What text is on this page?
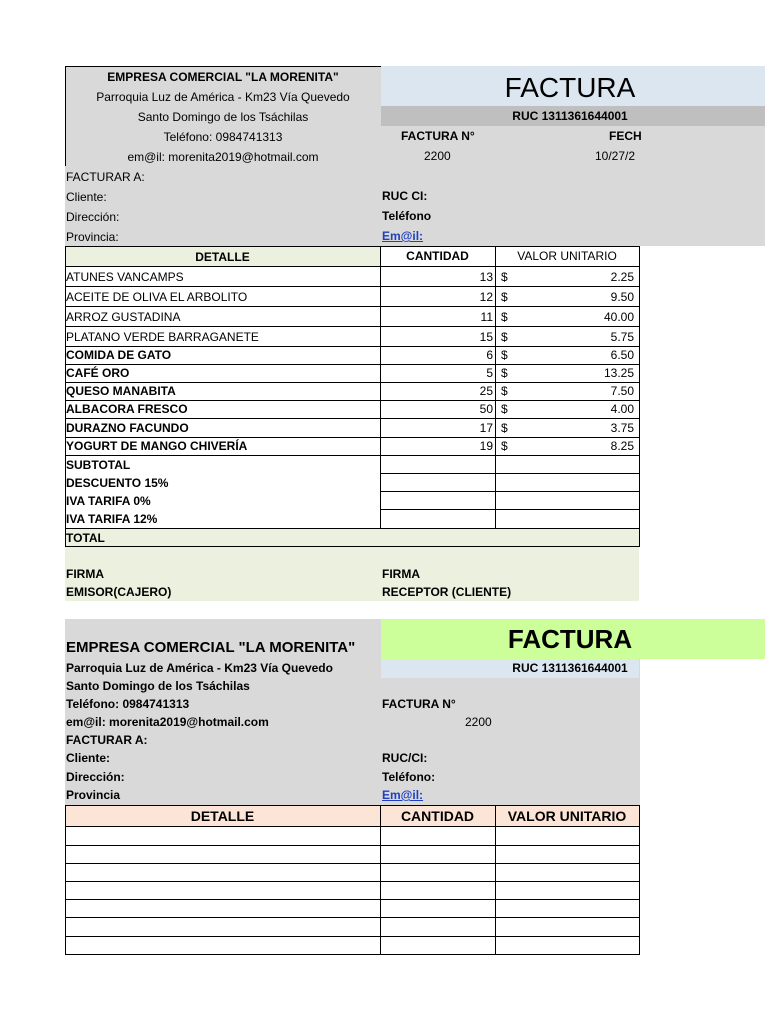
EMPRESA COMERCIAL "LA MORENITA"
Parroquia Luz de América - Km23 Vía Quevedo
Santo Domingo de los Tsáchilas
Teléfono: 0984741313
em@il: morenita2019@hotmail.com
FACTURA
RUC 1311361644001
FACTURA N°	FECH
2200	10/27/2
FACTURAR A:
Cliente:
Dirección:
Provincia:
RUC CI:
Teléfono
Em@il:
DETALLE	CANTIDAD	VALOR UNITARIO
ATUNES VANCAMPS	13 $	2.25
ACEITE DE OLIVA EL ARBOLITO	12 $	9.50
ARROZ GUSTADINA	11 $	40.00
PLATANO VERDE BARRAGANETE	15 $	5.75
COMIDA DE GATO	6 $	6.50
CAFÉ ORO	5 $	13.25
QUESO MANABITA	25 $	7.50
ALBACORA FRESCO	50 $	4.00
DURAZNO FACUNDO	17 $	3.75
YOGURT DE MANGO CHIVERÍA	19 $	8.25
SUBTOTAL
DESCUENTO 15%
IVA TARIFA 0%
IVA TARIFA 12%
TOTAL
FIRMA
EMISOR(CAJERO)
FIRMA
RECEPTOR (CLIENTE)
EMPRESA COMERCIAL "LA MORENITA"	FACTURA
Parroquia Luz de América - Km23 Vía Quevedo	RUC 1311361644001
Santo Domingo de los Tsáchilas
Teléfono: 0984741313	FACTURA N°
em@il: morenita2019@hotmail.com	2200
FACTURAR A:
Cliente:	RUC/CI:
Dirección:	Teléfono:
Provincia	Em@il:
DETALLE	CANTIDAD	VALOR UNITARIO
